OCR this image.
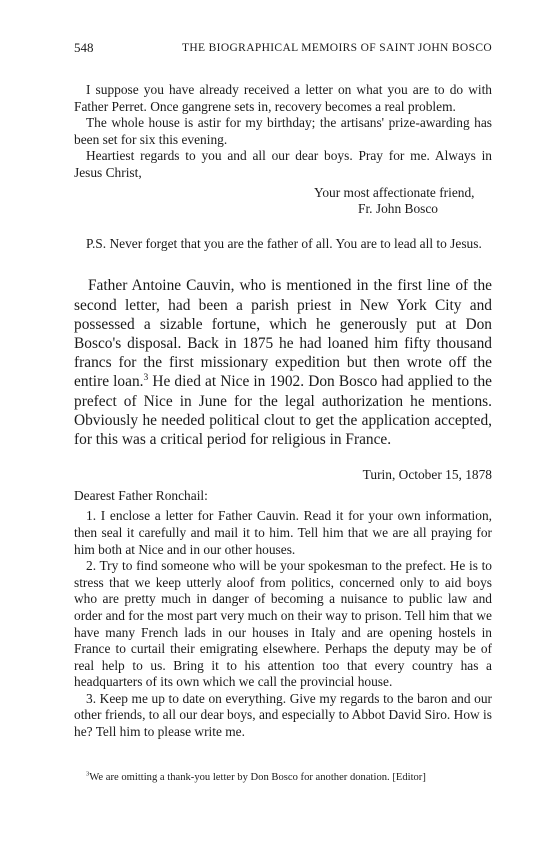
548	THE BIOGRAPHICAL MEMOIRS OF SAINT JOHN BOSCO

I suppose you have already received a letter on what you are to do with Father Perret. Once gangrene sets in, recovery becomes a real problem.

The whole house is astir for my birthday; the artisans' prize-awarding has been set for six this evening.

Heartiest regards to you and all our dear boys. Pray for me. Always in Jesus Christ,

Your most affectionate friend,
Fr. John Bosco

P.S. Never forget that you are the father of all. You are to lead all to Jesus.

Father Antoine Cauvin, who is mentioned in the first line of the second letter, had been a parish priest in New York City and possessed a sizable fortune, which he generously put at Don Bosco's disposal. Back in 1875 he had loaned him fifty thousand francs for the first missionary expedition but then wrote off the entire loan.$^3$ He died at Nice in 1902. Don Bosco had applied to the prefect of Nice in June for the legal authorization he mentions. Obviously he needed political clout to get the application accepted, for this was a critical period for religious in France.
Turin, October 15, 1878
Dearest Father Ronchail:

1. I enclose a letter for Father Cauvin. Read it for your own information, then seal it carefully and mail it to him. Tell him that we are all praying for him both at Nice and in our other houses.

2. Try to find someone who will be your spokesman to the prefect. He is to stress that we keep utterly aloof from politics, concerned only to aid boys who are pretty much in danger of becoming a nuisance to public law and order and for the most part very much on their way to prison. Tell him that we have many French lads in our houses in Italy and are opening hostels in France to curtail their emigrating elsewhere. Perhaps the deputy may be of real help to us. Bring it to his attention too that every country has a headquarters of its own which we call the provincial house.

3. Keep me up to date on everything. Give my regards to the baron and our other friends, to all our dear boys, and especially to Abbot David Siro. How is he? Tell him to please write me.

$^3$We are omitting a thank-you letter by Don Bosco for another donation. [Editor]
